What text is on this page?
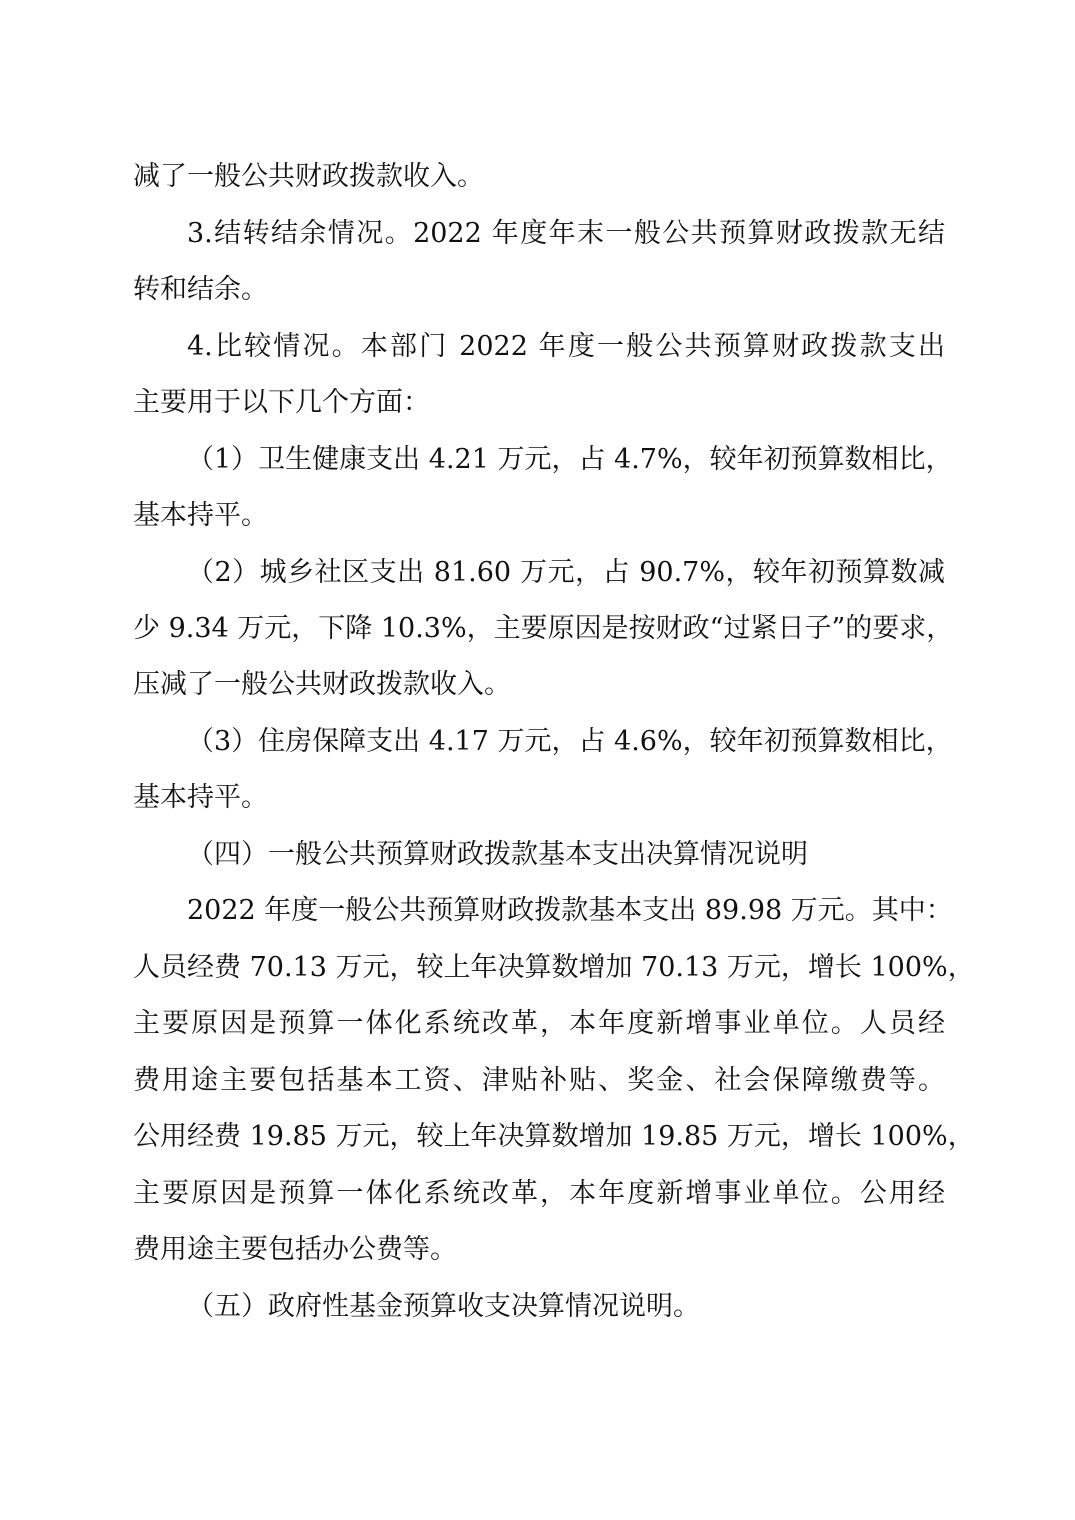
减了一般公共财政拨款收入。
3.结转结余情况。2022 年度年末一般公共预算财政拨款无结
转和结余。
4.比较情况。本部门 2022 年度一般公共预算财政拨款支出
主要用于以下几个方面：
（1）卫生健康支出 4.21 万元，占 4.7%，较年初预算数相比，
基本持平。
（2）城乡社区支出 81.60 万元，占 90.7%，较年初预算数减
少 9.34 万元，下降 10.3%，主要原因是按财政“过紧日子”的要求，
压减了一般公共财政拨款收入。
（3）住房保障支出 4.17 万元，占 4.6%，较年初预算数相比，
基本持平。
（四）一般公共预算财政拨款基本支出决算情况说明
2022 年度一般公共预算财政拨款基本支出 89.98 万元。其中：
人员经费 70.13 万元，较上年决算数增加 70.13 万元，增长 100%，
主要原因是预算一体化系统改革，本年度新增事业单位。人员经
费用途主要包括基本工资、津贴补贴、奖金、社会保障缴费等。
公用经费 19.85 万元，较上年决算数增加 19.85 万元，增长 100%，
主要原因是预算一体化系统改革，本年度新增事业单位。公用经
费用途主要包括办公费等。
（五）政府性基金预算收支决算情况说明。
